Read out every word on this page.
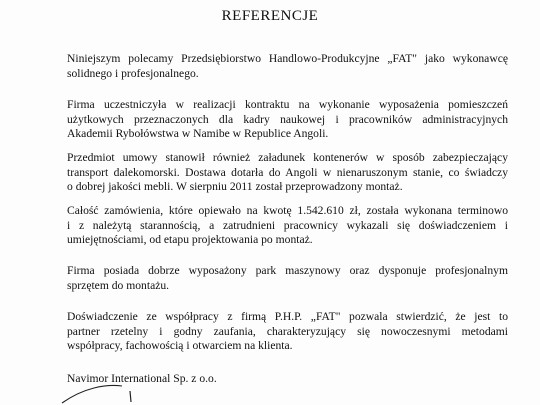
REFERENCJE
Niniejszym polecamy Przedsiębiorstwo Handlowo-Produkcyjne „FAT" jako wykonawcę solidnego i profesjonalnego.
Firma uczestniczyła w realizacji kontraktu na wykonanie wyposażenia pomieszczeń użytkowych przeznaczonych dla kadry naukowej i pracowników administracyjnych Akademii Rybołówstwa w Namibe w Republice Angoli.
Przedmiot umowy stanowił również załadunek kontenerów w sposób zabezpieczający transport dalekomorski. Dostawa dotarła do Angoli w nienaruszonym stanie, co świadczy o dobrej jakości mebli. W sierpniu 2011 został przeprowadzony montaż.
Całość zamówienia, które opiewało na kwotę 1.542.610 zł, została wykonana terminowo i z należytą starannością, a zatrudnieni pracownicy wykazali się doświadczeniem i umiejętnościami, od etapu projektowania po montaż.
Firma posiada dobrze wyposażony park maszynowy oraz dysponuje profesjonalnym sprzętem do montażu.
Doświadczenie ze współpracy z firmą P.H.P. „FAT" pozwala stwierdzić, że jest to partner rzetelny i godny zaufania, charakteryzujący się nowoczesnymi metodami współpracy, fachowością i otwarciem na klienta.
Navimor International Sp. z o.o.
